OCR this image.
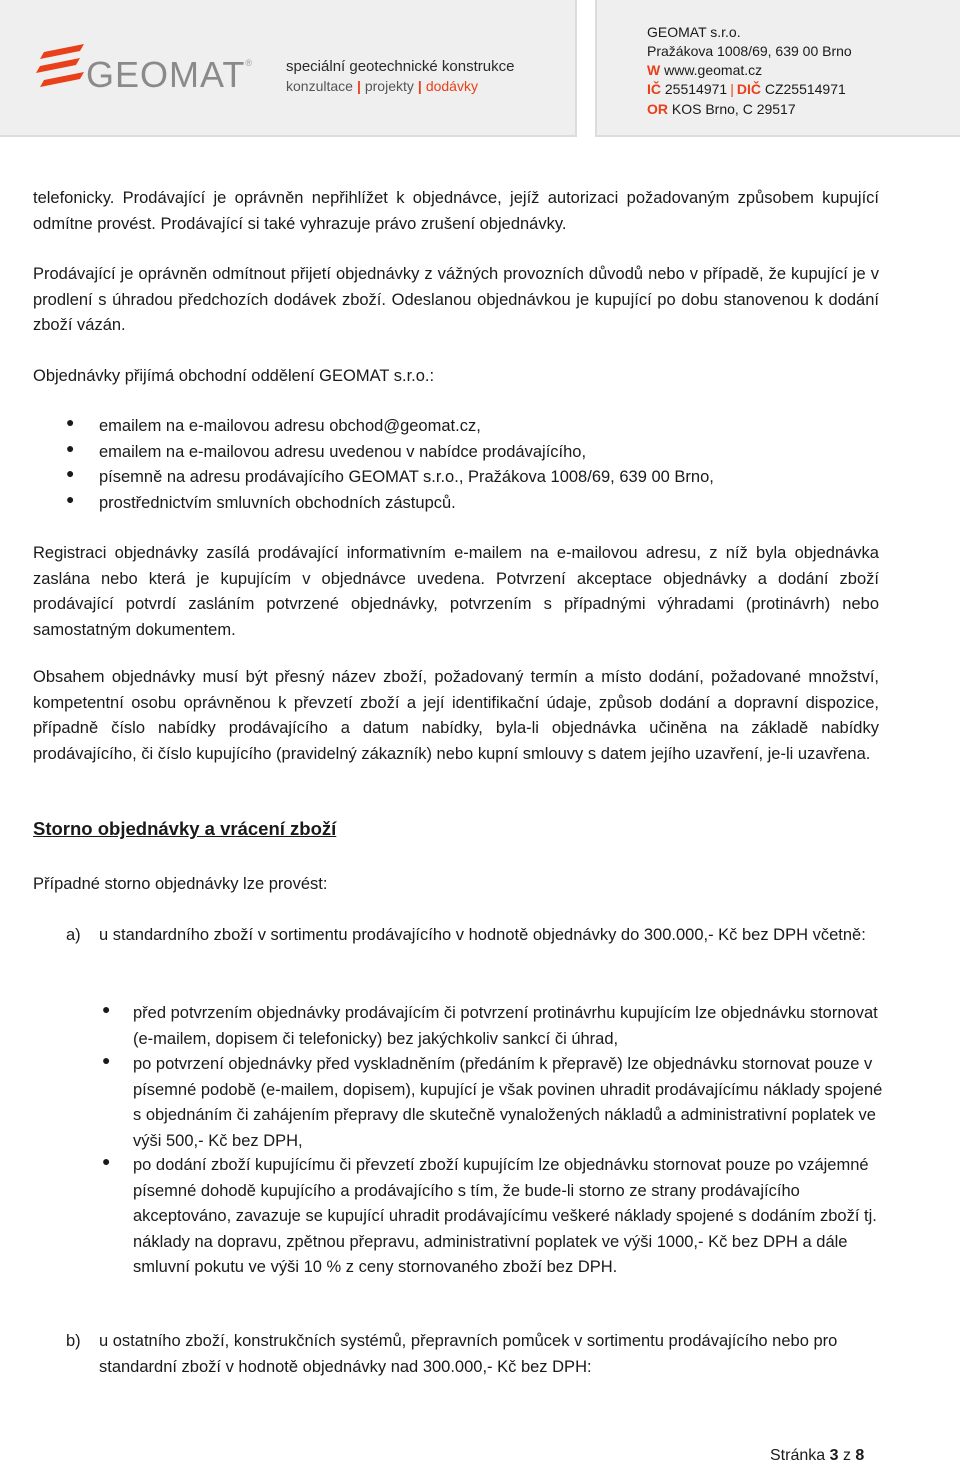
GEOMAT® speciální geotechnické konstrukce
konzultace | projekty | dodávky
GEOMAT s.r.o.
Pražákova 1008/69, 639 00 Brno
W www.geomat.cz
IČ 25514971 | DIČ CZ25514971
OR KOS Brno, C 29517

telefonicky. Prodávající je oprávněn nepřihlížet k objednávce, jejíž autorizaci požadovaným způsobem kupující odmítne provést. Prodávající si také vyhrazuje právo zrušení objednávky.

Prodávající je oprávněn odmítnout přijetí objednávky z vážných provozních důvodů nebo v případě, že kupující je v prodlení s úhradou předchozích dodávek zboží. Odeslanou objednávkou je kupující po dobu stanovenou k dodání zboží vázán.

Objednávky přijímá obchodní oddělení GEOMAT s.r.o.:

● emailem na e-mailovou adresu obchod@geomat.cz,

● emailem na e-mailovou adresu uvedenou v nabídce prodávajícího,

● písemně na adresu prodávajícího GEOMAT s.r.o., Pražákova 1008/69, 639 00 Brno,

● prostřednictvím smluvních obchodních zástupců.

Registraci objednávky zasílá prodávající informativním e-mailem na e-mailovou adresu, z níž byla objednávka zaslána nebo která je kupujícím v objednávce uvedena. Potvrzení akceptace objednávky a dodání zboží prodávající potvrdí zasláním potvrzené objednávky, potvrzením s případnými výhradami (protinávrh) nebo samostatným dokumentem.

Obsahem objednávky musí být přesný název zboží, požadovaný termín a místo dodání, požadované množství, kompetentní osobu oprávněnou k převzetí zboží a její identifikační údaje, způsob dodání a dopravní dispozice, případně číslo nabídky prodávajícího a datum nabídky, byla-li objednávka učiněna na základě nabídky prodávajícího, či číslo kupujícího (pravidelný zákazník) nebo kupní smlouvy s datem jejího uzavření, je-li uzavřena.

Storno objednávky a vrácení zboží

Případné storno objednávky lze provést:

a) u standardního zboží v sortimentu prodávajícího v hodnotě objednávky do 300.000,- Kč bez DPH včetně:

● před potvrzením objednávky prodávajícím či potvrzení protinávrhu kupujícím lze objednávku stornovat (e-mailem, dopisem či telefonicky) bez jakýchkoliv sankcí či úhrad,

● po potvrzení objednávky před vyskladněním (předáním k přepravě) lze objednávku stornovat pouze v písemné podobě (e-mailem, dopisem), kupující je však povinen uhradit prodávajícímu náklady spojené s objednáním či zahájením přepravy dle skutečně vynaložených nákladů a administrativní poplatek ve výši 500,- Kč bez DPH,

● po dodání zboží kupujícímu či převzetí zboží kupujícím lze objednávku stornovat pouze po vzájemné písemné dohodě kupujícího a prodávajícího s tím, že bude-li storno ze strany prodávajícího akceptováno, zavazuje se kupující uhradit prodávajícímu veškeré náklady spojené s dodáním zboží tj. náklady na dopravu, zpětnou přepravu, administrativní poplatek ve výši 1000,- Kč bez DPH a dále smluvní pokutu ve výši 10 % z ceny stornovaného zboží bez DPH.

b) u ostatního zboží, konstrukčních systémů, přepravních pomůcek v sortimentu prodávajícího nebo pro standardní zboží v hodnotě objednávky nad 300.000,- Kč bez DPH:

Stránka 3 z 8
